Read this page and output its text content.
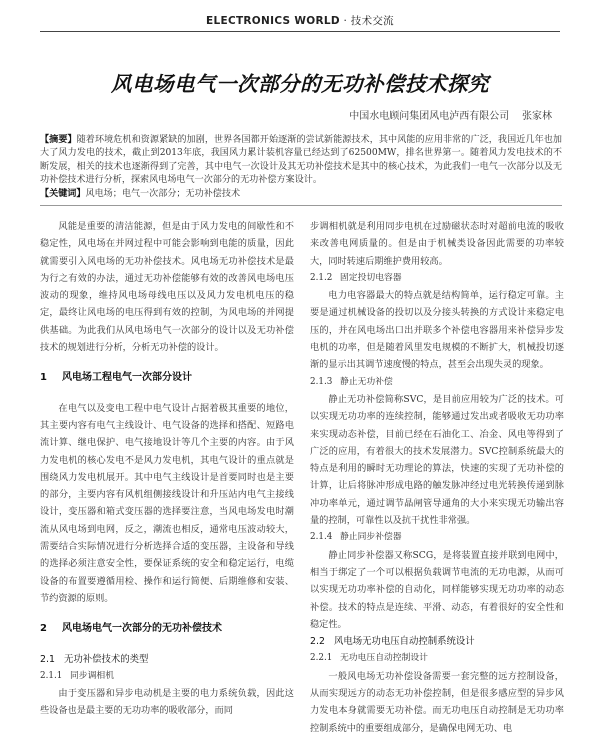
ELECTRONICS WORLD · 技术交流
风电场电气一次部分的无功补偿技术探究
中国水电顾问集团风电泸西有限公司 张家林

【摘要】随着环境危机和资源紧缺的加剧，世界各国都开始逐渐的尝试新能源技术，其中风能的应用非常的广泛，我国近几年也加大了风力发电的技术，截止到2013年底，我国风力累计装机容量已经达到了62500MW，排名世界第一。随着风力发电技术的不断发展，相关的技术也逐渐得到了完善，其中电气一次设计及其无功补偿技术是其中的核心技术，为此我们一电气一次部分以及无功补偿技术进行分析，探索风电场电气一次部分的无功补偿方案设计。

【关键词】风电场；电气一次部分；无功补偿技术

风能是重要的清洁能源，但是由于风力发电的间歇性和不稳定性，风电场在并网过程中可能会影响到电能的质量，因此就需要引入风电场的无功补偿技术。风电场无功补偿技术是最为行之有效的办法，通过无功补偿能够有效的改善风电场电压波动的现象，维持风电场母线电压以及风力发电机电压的稳定，最终让风电场的电压得到有效的控制，为风电场的并网提供基础。为此我们从风电场电气一次部分的设计以及无功补偿技术的规划进行分析，分析无功补偿的设计。

1 风电场工程电气一次部分设计

在电气以及变电工程中电气设计占据着极其重要的地位，其主要内容有电气主线设计、电气设备的选择和搭配、短路电流计算、继电保护、电气接地设计等几个主要的内容。由于风力发电机的核心发电不是风力发电机，其电气设计的重点就是围绕风力发电机展开。其中电气主线设计是首要同时也是主要的部分，主要内容有风机组侧接线设计和升压站内电气主接线设计，变压器和箱式变压器的选择要注意，当风电场发电时潮流从风电场到电网，反之，潮流也相反，通常电压波动较大，需要结合实际情况进行分析选择合适的变压器，主设备和导线的选择必须注意安全性，要保证系统的安全和稳定运行，电缆设备的布置要遵循用检、操作和运行简便、后期维修和安装、节约资源的原则。

2 风电场电气一次部分的无功补偿技术

2.1 无功补偿技术的类型

2.1.1 同步调相机

由于变压器和异步电动机是主要的电力系统负载，因此这些设备也是最主要的无功功率的吸收部分，而同

步调相机就是利用同步电机在过励磁状态时对超前电流的吸收来改善电网质量的。但是由于机械类设备因此需要的功率较大，同时转速后期维护费用较高。

2.1.2 固定投切电容器

电力电容器最大的特点就是结构简单，运行稳定可靠。主要是通过机械设备的投切以及分接头转换的方式设计来稳定电压的，并在风电场出口出并联多个补偿电容器用来补偿异步发电机的功率，但是随着风里发电规模的不断扩大，机械投切逐渐的显示出其调节速度慢的特点，甚至会出现失灵的现象。

2.1.3 静止无功补偿

静止无功补偿简称SVC，是目前应用较为广泛的技术。可以实现无功功率的连续控制，能够通过发出或者吸收无功功率来实现动态补偿，目前已经在石油化工、冶金、风电等得到了广泛的应用，有着很大的技术发展潜力。SVC控制系统最大的特点是利用的瞬时无功理论的算法，快速的实现了无功补偿的计算，让后将脉冲形成电路的触发脉冲经过电光转换传递到脉冲功率单元，通过调节晶闸管导通角的大小来实现无功输出容量的控制，可靠性以及抗干扰性非常强。

2.1.4 静止同步补偿器

静止同步补偿器又称SCG，是将装置直接并联到电网中，相当于绑定了一个可以根据负载调节电流的无功电源，从而可以实现无功功率补偿的自动化，同样能够实现无功功率的动态补偿。技术的特点是连续、平滑、动态，有着很好的安全性和稳定性。

2.2 风电场无功电压自动控制系统设计

2.2.1 无功电压自动控制设计

一般风电场无功补偿设备需要一套完整的远方控制设备，从而实现远方的动态无功补偿控制，但是很多感应型的异步风力发电本身就需要无功补偿。而无功电压自动控制是无功功率控制系统中的重要组成部分，是确保电网无功、电
